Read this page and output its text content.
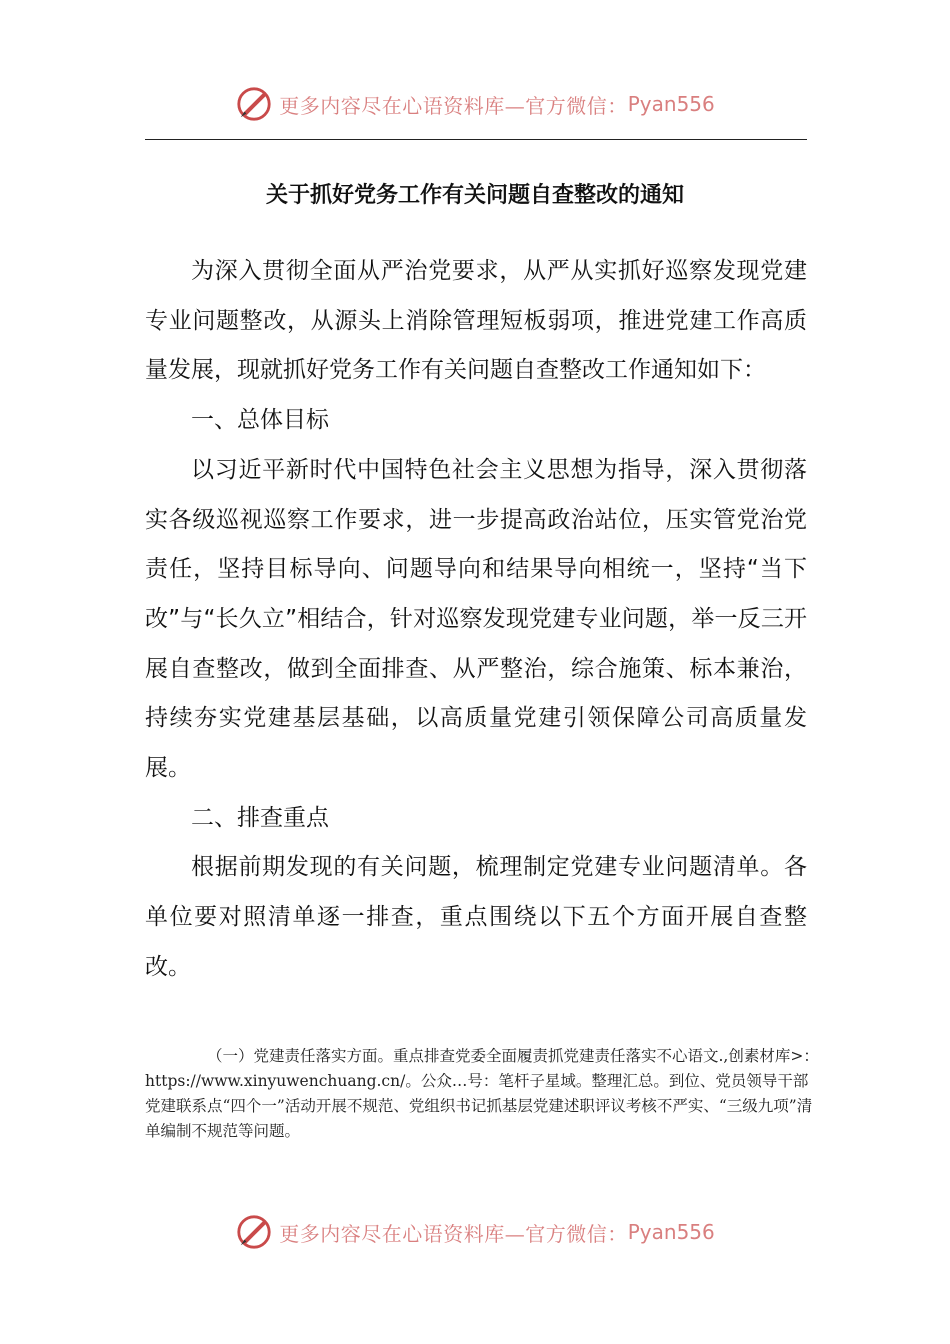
更多内容尽在心语资料库—官方微信： Pyan556
关于抓好党务工作有关问题自查整改的通知

为深入贯彻全面从严治党要求，从严从实抓好巡察发现党建专业问题整改，从源头上消除管理短板弱项，推进党建工作高质量发展，现就抓好党务工作有关问题自查整改工作通知如下：

一、总体目标

以习近平新时代中国特色社会主义思想为指导，深入贯彻落实各级巡视巡察工作要求，进一步提高政治站位，压实管党治党责任，坚持目标导向、问题导向和结果导向相统一，坚持“当下改”与“长久立”相结合，针对巡察发现党建专业问题，举一反三开展自查整改，做到全面排查、从严整治，综合施策、标本兼治，持续夯实党建基层基础，以高质量党建引领保障公司高质量发展。

二、排查重点

根据前期发现的有关问题，梳理制定党建专业问题清单。各单位要对照清单逐一排查，重点围绕以下五个方面开展自查整改。

（一）党建责任落实方面。重点排查党委全面履责抓党建责任落实不心语文.,创素材库>：https://www.xinyuwenchuang.cn/。公众…号：笔杆子星域。整理汇总。到位、党员领导干部党建联系点“四个一”活动开展不规范、党组织书记抓基层党建述职评议考核不严实、“三级九项”清单编制不规范等问题。

更多内容尽在心语资料库—官方微信： Pyan556
